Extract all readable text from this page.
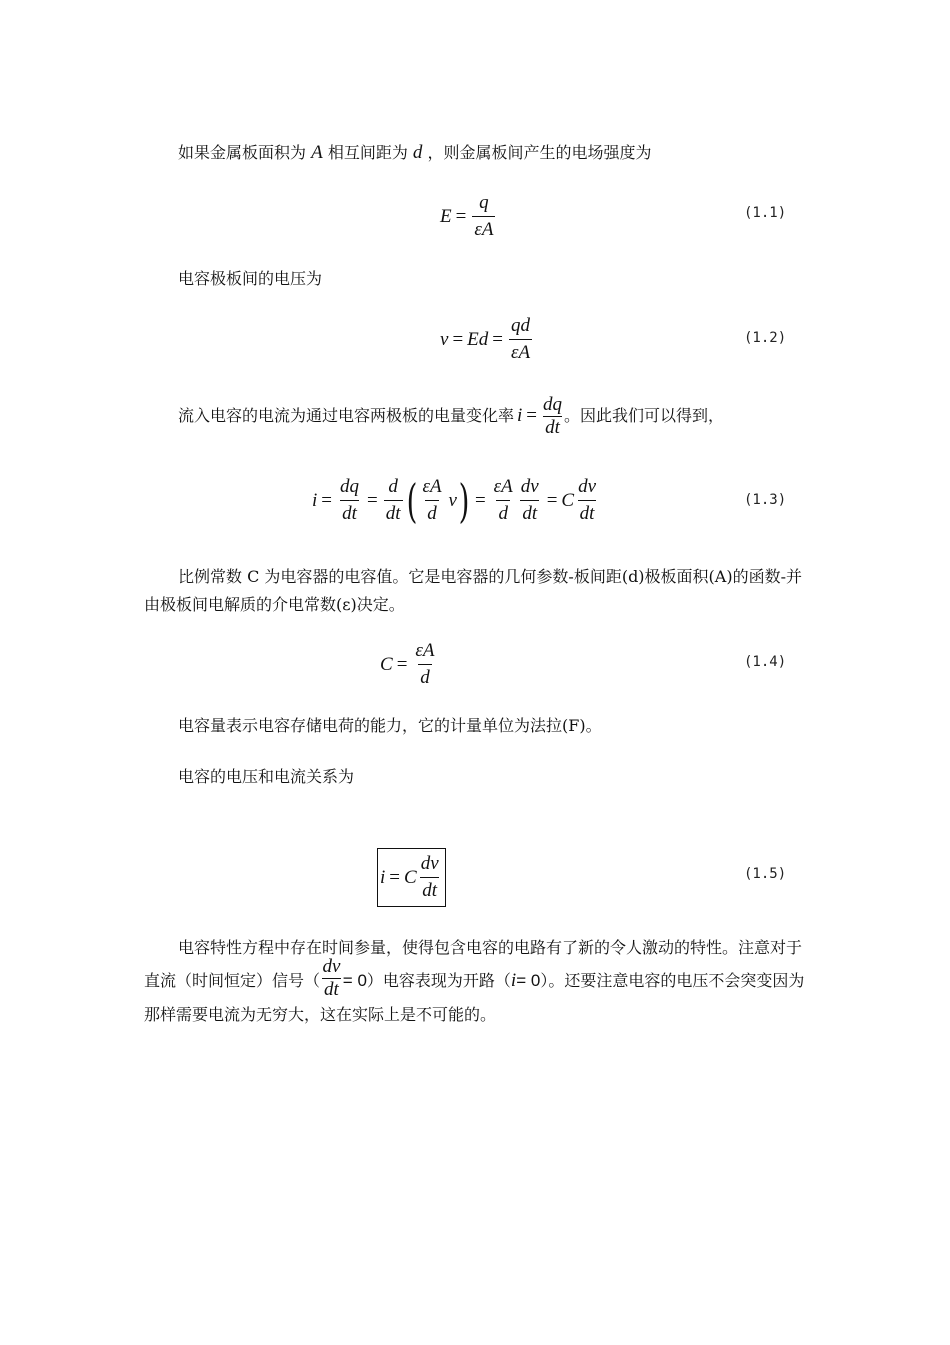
如果金属板面积为 A 相互间距为 d ，则金属板间产生的电场强度为
$E = \frac{q}{\varepsilon A}$	(1.1)
电容极板间的电压为
$v = Ed = \frac{qd}{\varepsilon A}$	(1.2)
流入电容的电流为通过电容两极板的电量变化率 $i = \frac{dq}{dt}$ 。因此我们可以得到，
$i = \frac{dq}{dt} = \frac{d}{dt}$ ( $\frac{\varepsilon A}{d}$ v ) = $\frac{\varepsilon A}{d} \frac{dv}{dt} = C \frac{dv}{dt}$	(1.3)
比例常数 C 为电容器的电容值。它是电容器的几何参数-板间距(d)极板面积(A)的函数-并由极板间电解质的介电常数(ε)决定。
$C = \frac{\varepsilon A}{d}$	(1.4)
电容量表示电容存储电荷的能力，它的计量单位为法拉(F)。
电容的电压和电流关系为
i = C $\frac{dv}{dt}$	(1.5)
电容特性方程中存在时间参量，使得包含电容的电路有了新的令人激动的特性。注意对于直流（时间恒定）信号（ $\frac{dv}{dt} = 0$）电容表现为开路（i= 0）。还要注意电容的电压不会突变因为那样需要电流为无穷大，这在实际上是不可能的。
